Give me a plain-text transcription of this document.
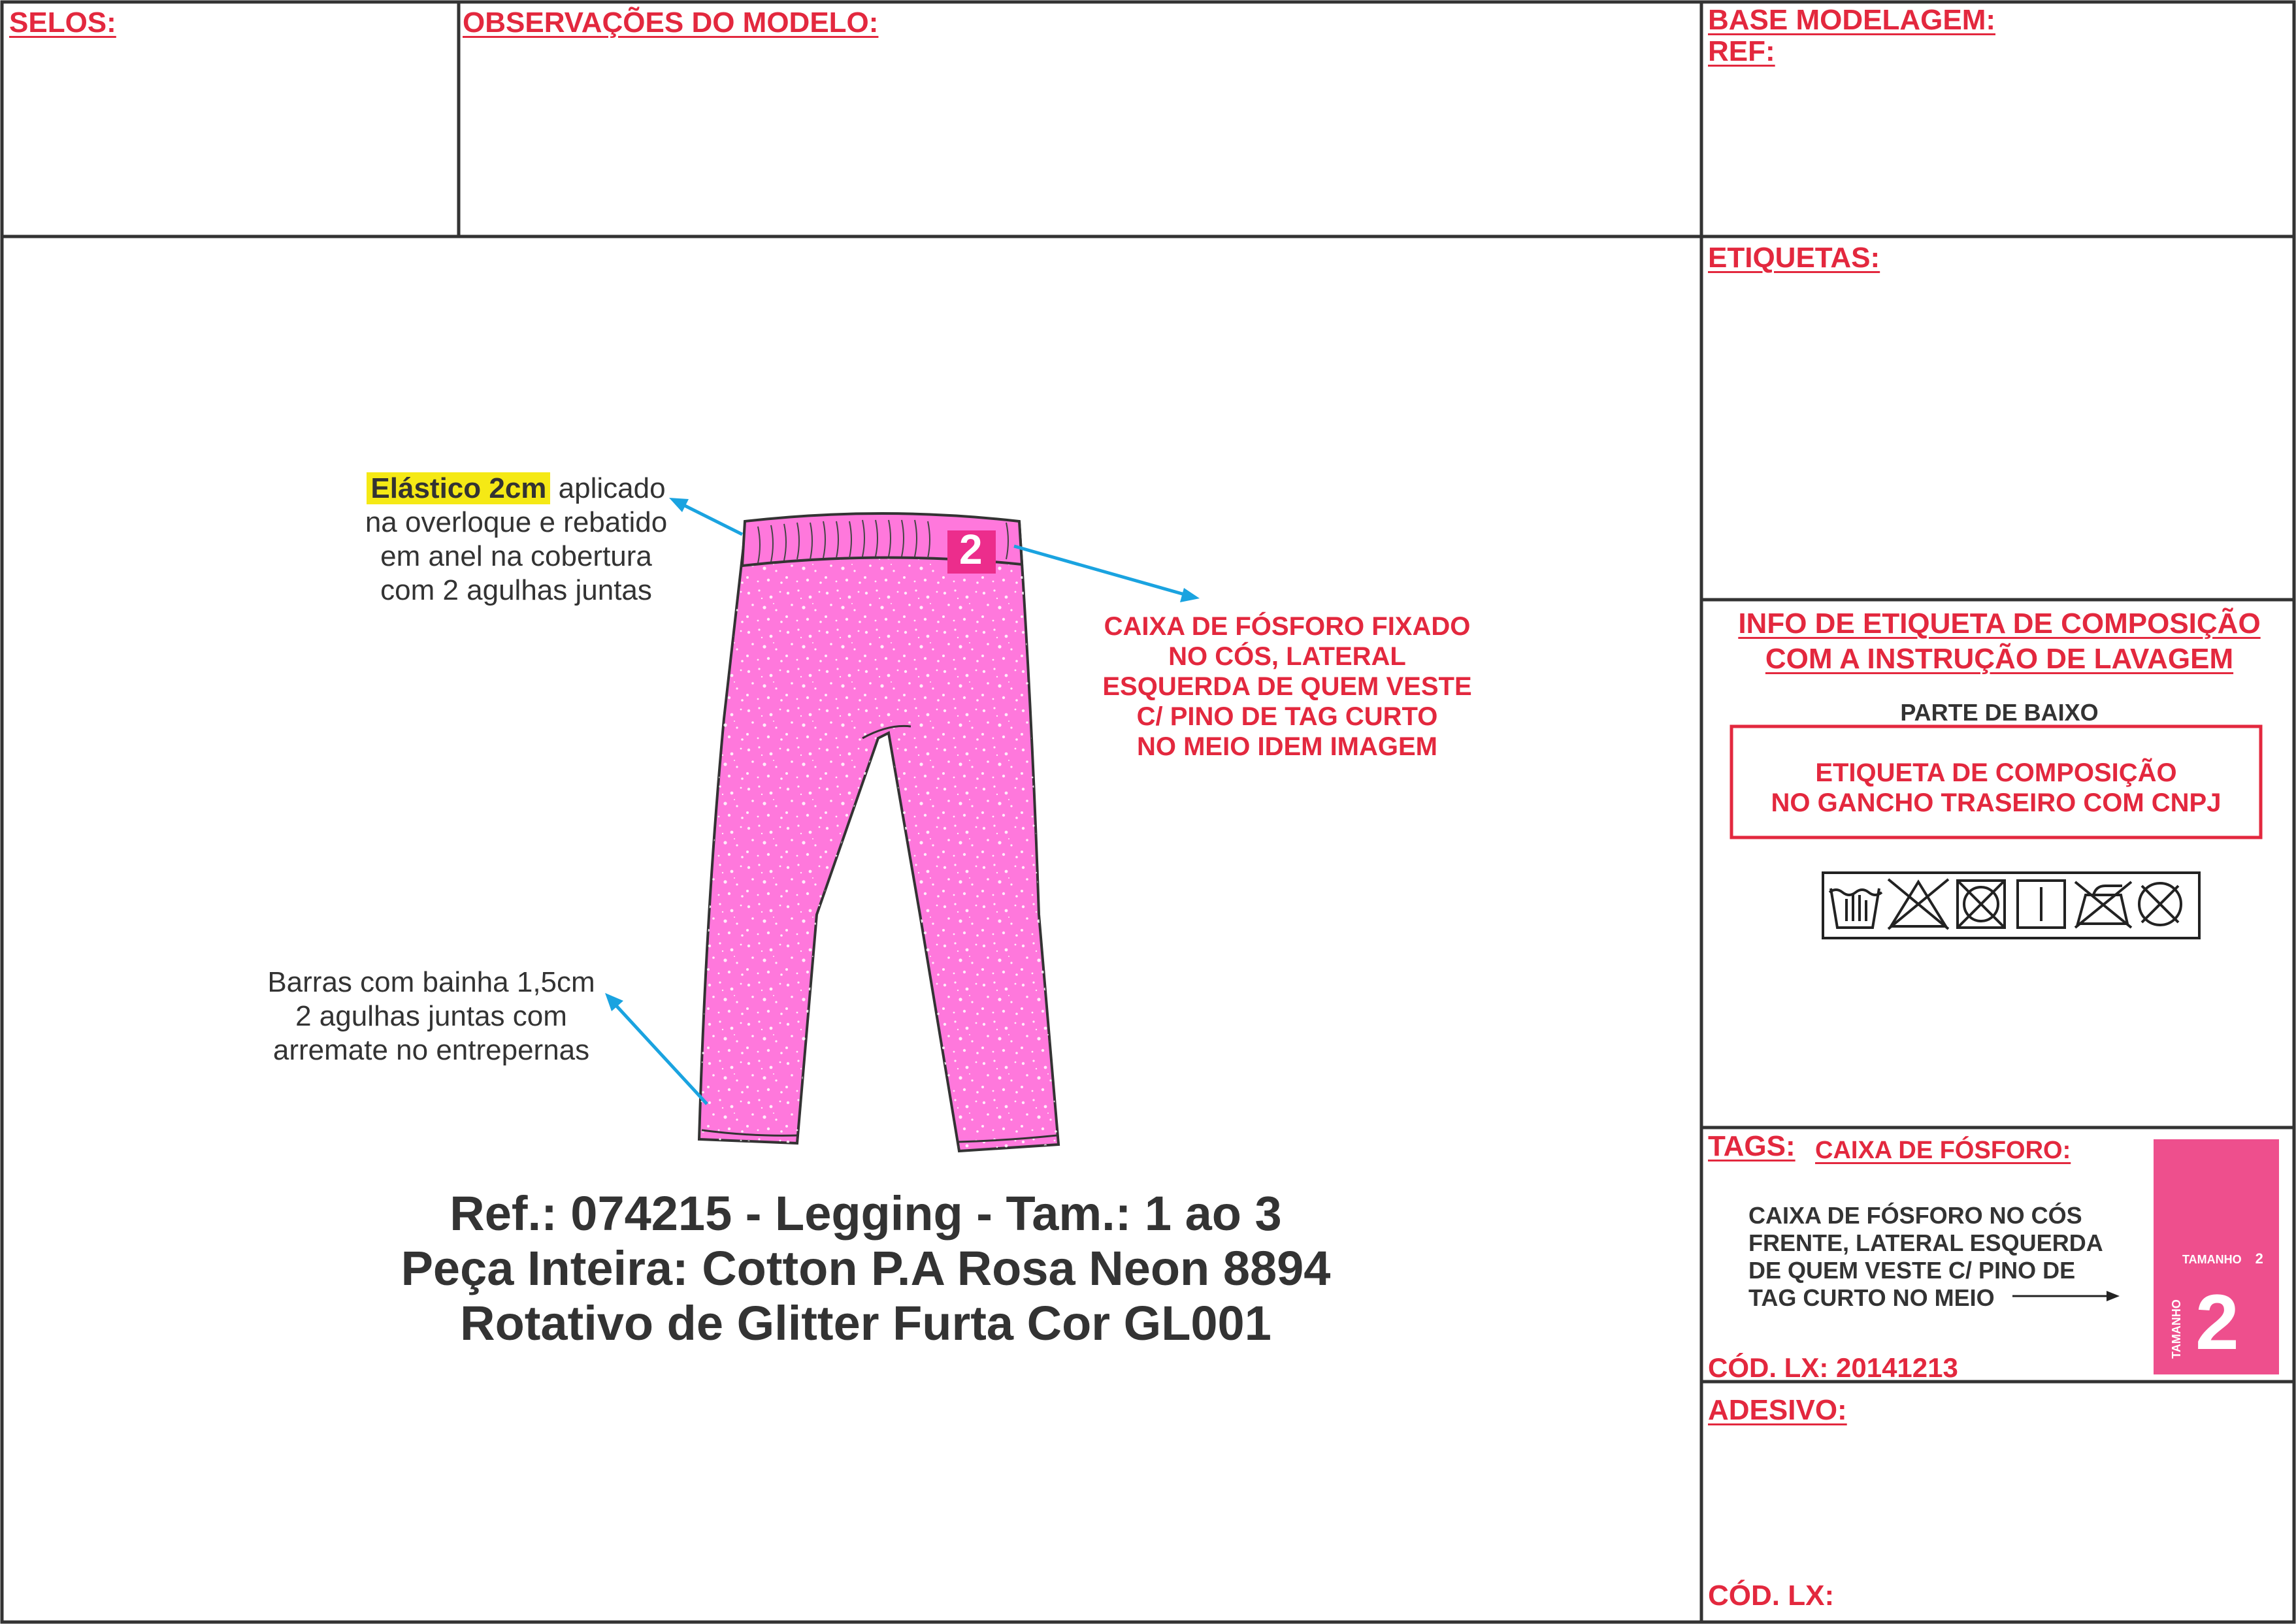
SELOS:	OBSERVAÇÕES DO MODELO:	BASE MODELAGEM:
REF:
ETIQUETAS:
INFO DE ETIQUETA DE COMPOSIÇÃO
COM A INSTRUÇÃO DE LAVAGEM
PARTE DE BAIXO
ETIQUETA DE COMPOSIÇÃO
NO GANCHO TRASEIRO COM CNPJ
TAGS: CAIXA DE FÓSFORO:
CAIXA DE FÓSFORO NO CÓS
FRENTE, LATERAL ESQUERDA
DE QUEM VESTE C/ PINO DE
TAG CURTO NO MEIO
CÓD. LX: 20141213
TAMANHO 2
TAMANHO 2
ADESIVO:
CÓD. LX:
2
Elástico 2cm aplicado
na overloque e rebatido
em anel na cobertura
com 2 agulhas juntas
CAIXA DE FÓSFORO FIXADO
NO CÓS, LATERAL
ESQUERDA DE QUEM VESTE
C/ PINO DE TAG CURTO
NO MEIO IDEM IMAGEM
Barras com bainha 1,5cm
2 agulhas juntas com
arremate no entrepernas
Ref.: 074215 - Legging - Tam.: 1 ao 3
Peça Inteira: Cotton P.A Rosa Neon 8894
Rotativo de Glitter Furta Cor GL001
